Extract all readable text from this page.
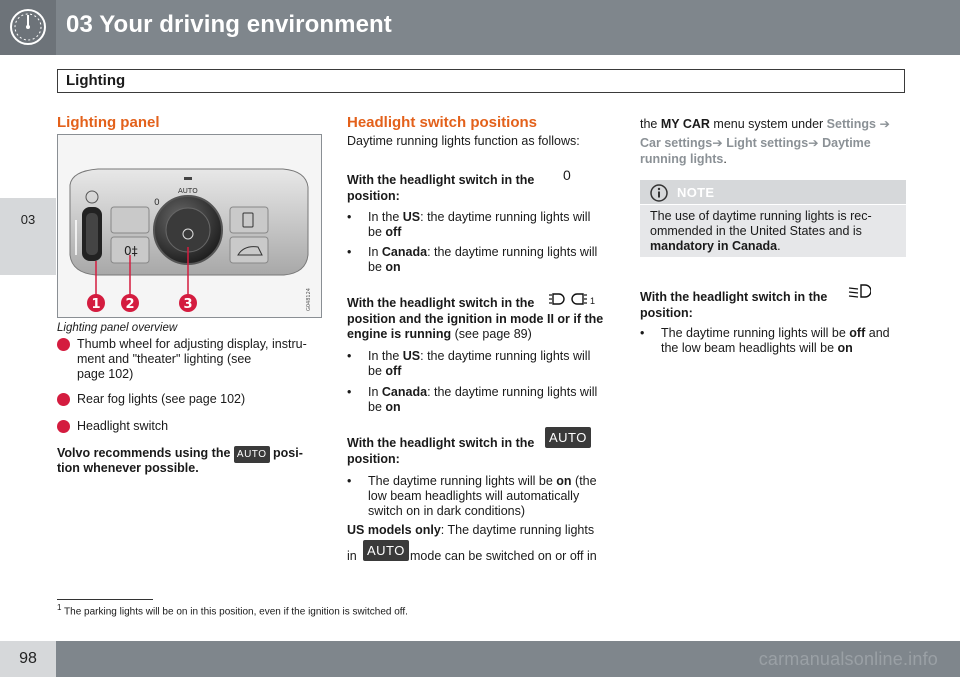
03 Your driving environment
Lighting
03
Lighting panel
0‡
AUTO
0
1 2	3	G048124
Lighting panel overview
Thumb wheel for adjusting display, instru-
ment and "theater" lighting (see
page 102)
Rear fog lights (see page 102)
Headlight switch
Volvo recommends using the AUTO posi-
tion whenever possible.
Headlight switch positions
Daytime running lights function as follows:
With the headlight switch in the 0
position:
• In the US: the daytime running lights will
be off
• In Canada: the daytime running lights will
be on
With the headlight switch in the	1
position and the ignition in mode II or if the
engine is running (see page 89)
• In the US: the daytime running lights will
be off
• In Canada: the daytime running lights will
be on
With the headlight switch in the	AUTO
position:
• The daytime running lights will be on (the
low beam headlights will automatically
switch on in dark conditions)
US models only: The daytime running lights
in AUTO mode can be switched on or off in
the MY CAR menu system under Settings ➔
Car settings➔ Light settings➔ Daytime
running lights.
NOTE
The use of daytime running lights is rec-
ommended in the United States and is
mandatory in Canada.
With the headlight switch in the
position:
• The daytime running lights will be off and
the low beam headlights will be on
$^1$ The parking lights will be on in this position, even if the ignition is switched off.
98	carmanualsonline.info
